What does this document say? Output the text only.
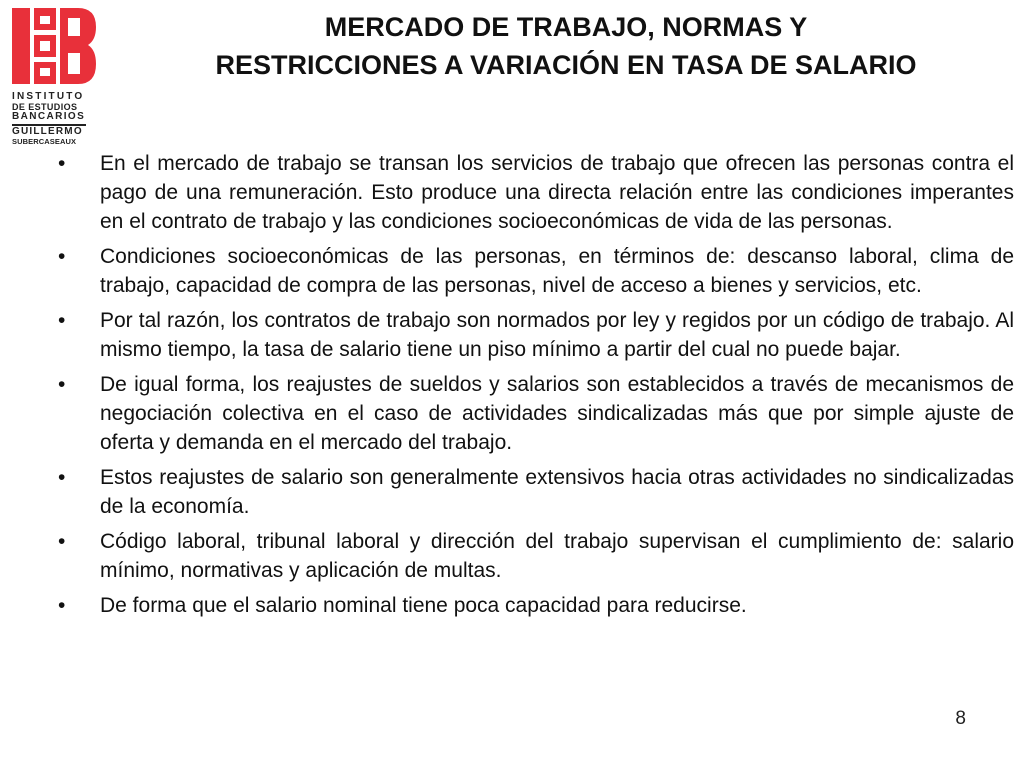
INSTITUTO
DE ESTUDIOS
BANCARIOS
GUILLERMO
SUBERCASEAUX
MERCADO DE TRABAJO, NORMAS Y
RESTRICCIONES A VARIACIÓN EN TASA DE SALARIO
•	En el mercado de trabajo se transan los servicios de trabajo que ofrecen las personas contra el pago de una remuneración. Esto produce una directa relación entre las condiciones imperantes en el contrato de trabajo y las condiciones socioeconómicas de vida de las personas.
•	Condiciones socioeconómicas de las personas, en términos de: descanso laboral, clima de trabajo, capacidad de compra de las personas, nivel de acceso a bienes y servicios, etc.
•	Por tal razón, los contratos de trabajo son normados por ley y regidos por un código de trabajo. Al mismo tiempo, la tasa de salario tiene un piso mínimo a partir del cual no puede bajar.
•	De igual forma, los reajustes de sueldos y salarios son establecidos a través de mecanismos de negociación colectiva en el caso de actividades sindicalizadas más que por simple ajuste de oferta y demanda en el mercado del trabajo.
•	Estos reajustes de salario son generalmente extensivos hacia otras actividades no sindicalizadas de la economía.
•	Código laboral, tribunal laboral y dirección del trabajo supervisan el cumplimiento de: salario mínimo, normativas y aplicación de multas.
•	De forma que el salario nominal tiene poca capacidad para reducirse.
8
